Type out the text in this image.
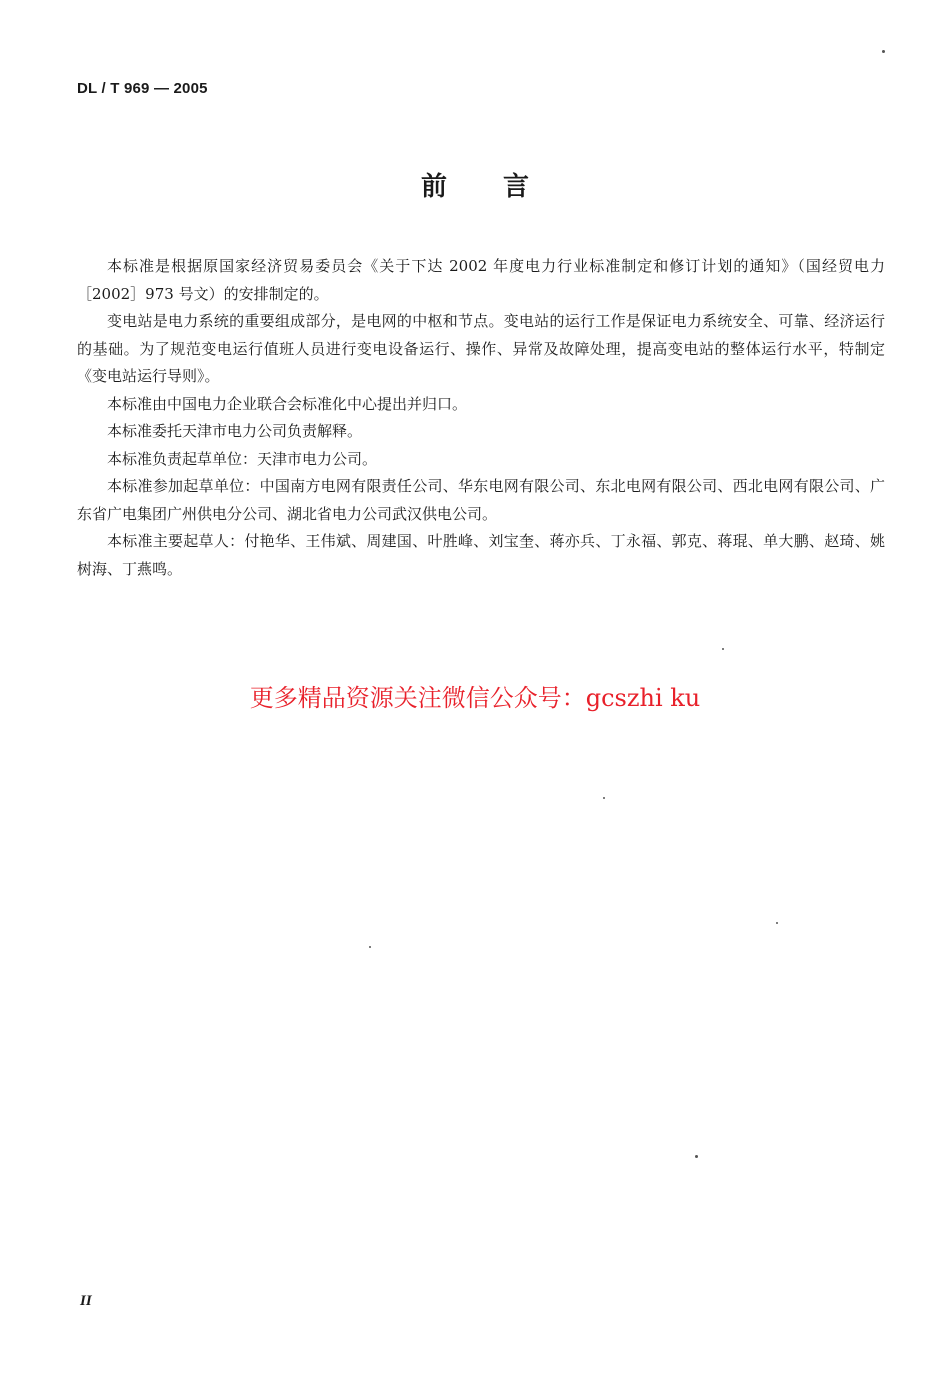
DL / T 969 — 2005
前言

本标准是根据原国家经济贸易委员会《关于下达 2002 年度电力行业标准制定和修订计划的通知》（国经贸电力［2002］973 号文）的安排制定的。

变电站是电力系统的重要组成部分，是电网的中枢和节点。变电站的运行工作是保证电力系统安全、可靠、经济运行的基础。为了规范变电运行值班人员进行变电设备运行、操作、异常及故障处理，提高变电站的整体运行水平，特制定《变电站运行导则》。

本标准由中国电力企业联合会标准化中心提出并归口。

本标准委托天津市电力公司负责解释。

本标准负责起草单位：天津市电力公司。

本标准参加起草单位：中国南方电网有限责任公司、华东电网有限公司、东北电网有限公司、西北电网有限公司、广东省广电集团广州供电分公司、湖北省电力公司武汉供电公司。

本标准主要起草人：付艳华、王伟斌、周建国、叶胜峰、刘宝奎、蒋亦兵、丁永福、郭克、蒋琨、单大鹏、赵琦、姚树海、丁燕鸣。

更多精品资源关注微信公众号：gcszhi ku
II
